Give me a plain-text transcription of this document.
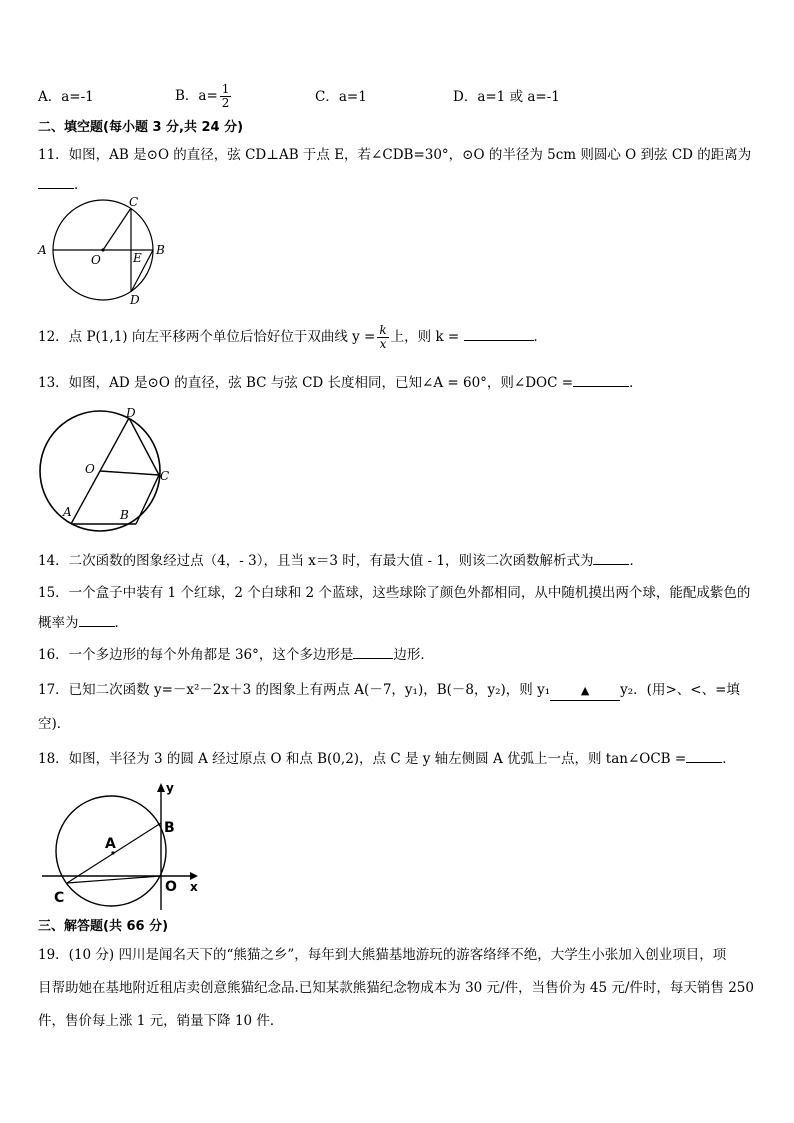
A．a=-1	B．$a= \frac{1}{2}$	C．a=1	D．a=1 或 a=-1
二、填空题(每小题 3 分,共 24 分)
11．如图，AB 是⊙O 的直径，弦 CD⊥AB 于点 E，若∠CDB=30°，⊙O 的半径为 5cm 则圆心 O 到弦 CD 的距离为
．
A	B
C
D
E
O
12．点 P(1,1) 向左平移两个单位后恰好位于双曲线 $y = \frac{k}{x}$ 上，则 k =	．
13．如图，AD 是⊙O 的直径，弦 BC 与弦 CD 长度相同，已知∠A = 60°，则∠DOC =	．
D
O	C
A	B
14．二次函数的图象经过点（4，- 3），且当 x＝3 时，有最大值 - 1，则该二次函数解析式为	．
15．一个盒子中装有 1 个红球，2 个白球和 2 个蓝球，这些球除了颜色外都相同，从中随机摸出两个球，能配成紫色的
概率为	．
16．一个多边形的每个外角都是 36°，这个多边形是	边形．
17．已知二次函数 y=－x²－2x＋3 的图象上有两点 A(－7，y₁)，B(－8，y₂)，则 y₁	▲ y₂．(用>、<、=填
空)．
18．如图，半径为 3 的圆 A 经过原点 O 和点 B(0,2)，点 C 是 y 轴左侧圆 A 优弧上一点，则 tan∠OCB =	．
y
B
A
O x
C
三、解答题(共 66 分)
19．(10 分) 四川是闻名天下的“熊猫之乡”，每年到大熊猫基地游玩的游客络绎不绝，大学生小张加入创业项目，项
目帮助她在基地附近租店卖创意熊猫纪念品.已知某款熊猫纪念物成本为 30 元/件，当售价为 45 元/件时，每天销售 250
件，售价每上涨 1 元，销量下降 10 件．
